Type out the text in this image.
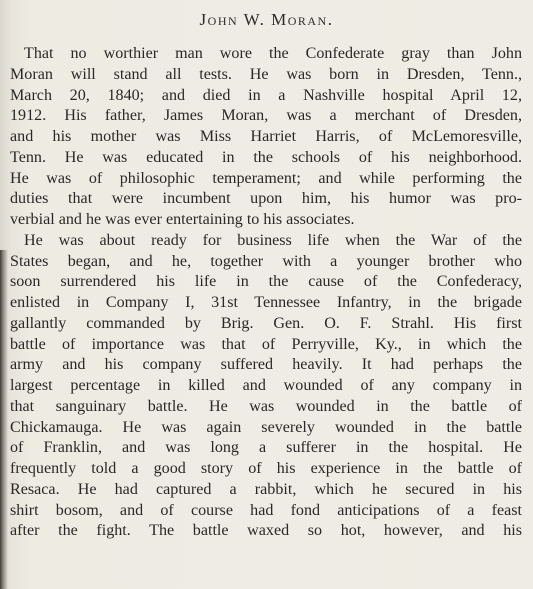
John W. Moran.
That no worthier man wore the Confederate gray than John
Moran will stand all tests. He was born in Dresden, Tenn.,
March 20, 1840; and died in a Nashville hospital April 12,
1912. His father, James Moran, was a merchant of Dresden,
and his mother was Miss Harriet Harris, of McLemoresville,
Tenn. He was educated in the schools of his neighborhood.
He was of philosophic temperament; and while performing the
duties that were incumbent upon him, his humor was pro-
verbial and he was ever entertaining to his associates.
He was about ready for business life when the War of the
States began, and he, together with a younger brother who
soon surrendered his life in the cause of the Confederacy,
enlisted in Company I, 31st Tennessee Infantry, in the brigade
gallantly commanded by Brig. Gen. O. F. Strahl. His first
battle of importance was that of Perryville, Ky., in which the
army and his company suffered heavily. It had perhaps the
largest percentage in killed and wounded of any company in
that sanguinary battle. He was wounded in the battle of
Chickamauga. He was again severely wounded in the battle
of Franklin, and was long a sufferer in the hospital. He
frequently told a good story of his experience in the battle of
Resaca. He had captured a rabbit, which he secured in his
shirt bosom, and of course had fond anticipations of a feast
after the fight. The battle waxed so hot, however, and his
